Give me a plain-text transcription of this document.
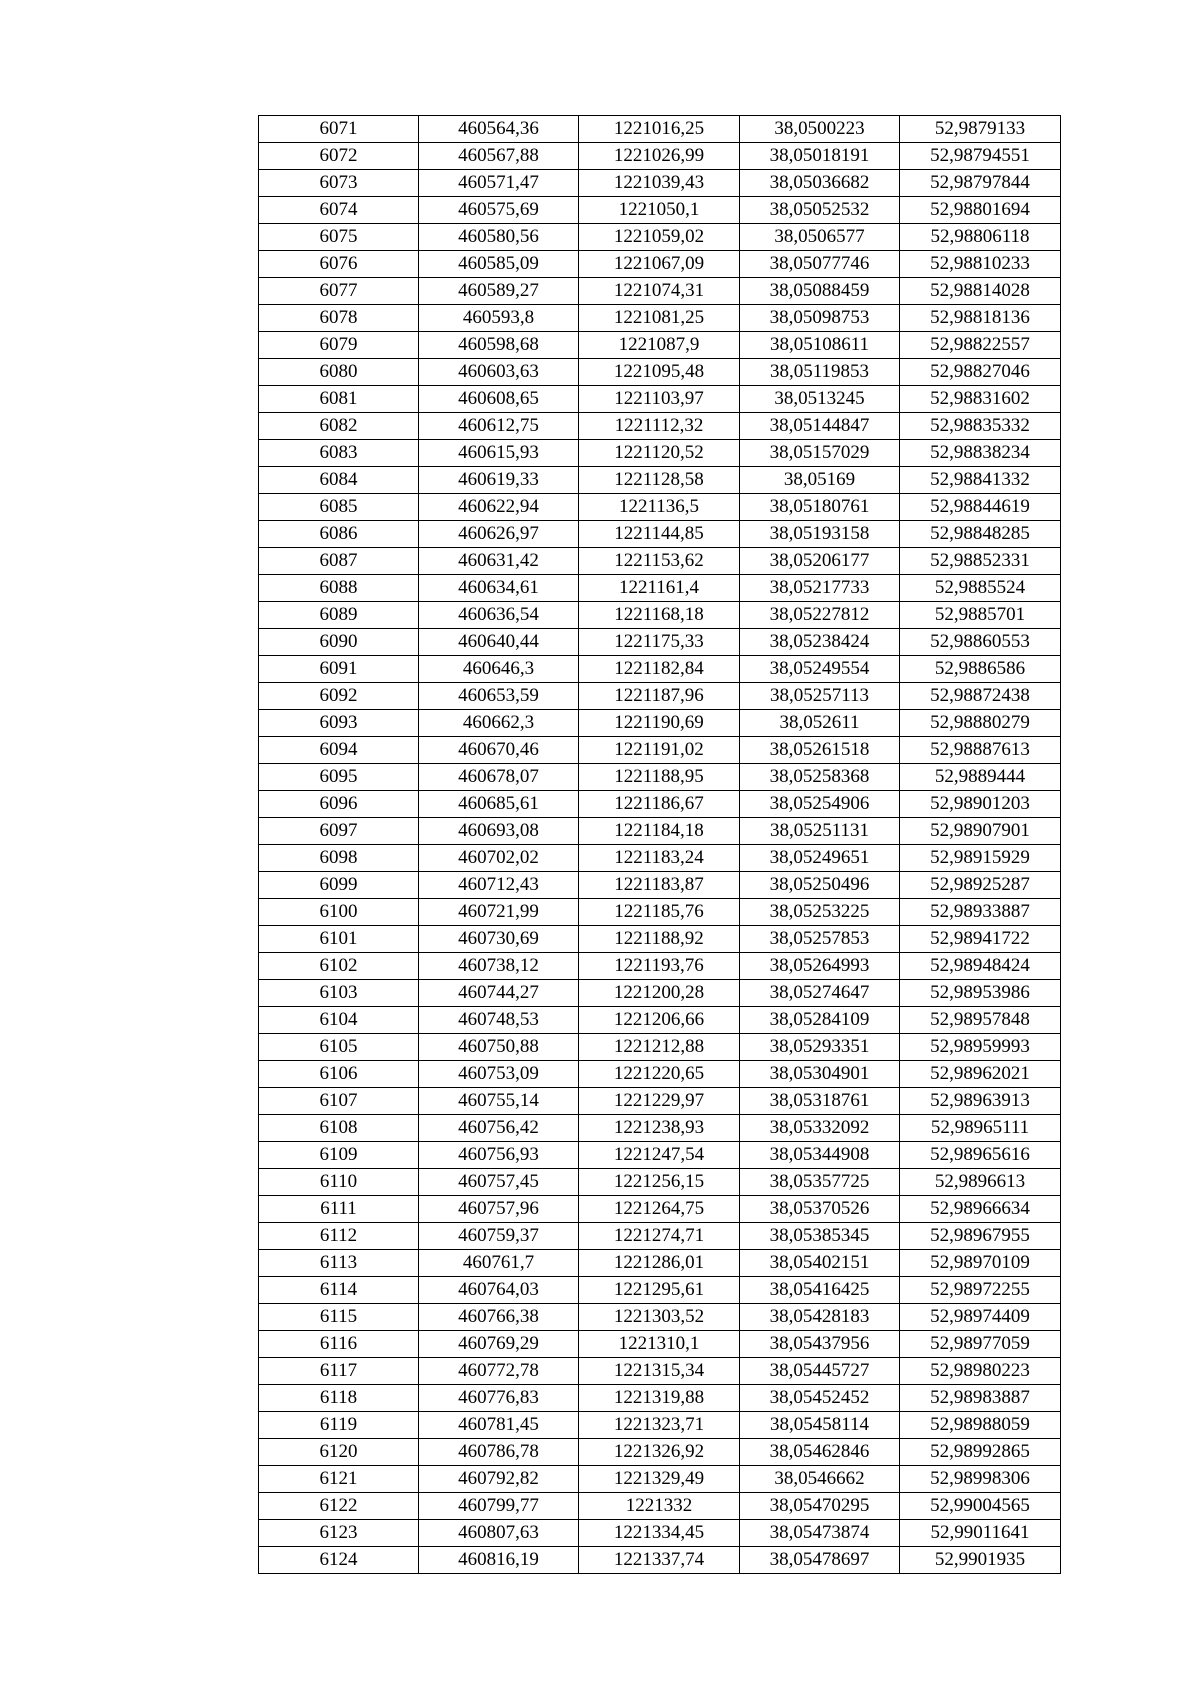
6071	460564,36	1221016,25	38,0500223	52,9879133
6072	460567,88	1221026,99	38,05018191	52,98794551
6073	460571,47	1221039,43	38,05036682	52,98797844
6074	460575,69	1221050,1	38,05052532	52,98801694
6075	460580,56	1221059,02	38,0506577	52,98806118
6076	460585,09	1221067,09	38,05077746	52,98810233
6077	460589,27	1221074,31	38,05088459	52,98814028
6078	460593,8	1221081,25	38,05098753	52,98818136
6079	460598,68	1221087,9	38,05108611	52,98822557
6080	460603,63	1221095,48	38,05119853	52,98827046
6081	460608,65	1221103,97	38,0513245	52,98831602
6082	460612,75	1221112,32	38,05144847	52,98835332
6083	460615,93	1221120,52	38,05157029	52,98838234
6084	460619,33	1221128,58	38,05169	52,98841332
6085	460622,94	1221136,5	38,05180761	52,98844619
6086	460626,97	1221144,85	38,05193158	52,98848285
6087	460631,42	1221153,62	38,05206177	52,98852331
6088	460634,61	1221161,4	38,05217733	52,9885524
6089	460636,54	1221168,18	38,05227812	52,9885701
6090	460640,44	1221175,33	38,05238424	52,98860553
6091	460646,3	1221182,84	38,05249554	52,9886586
6092	460653,59	1221187,96	38,05257113	52,98872438
6093	460662,3	1221190,69	38,052611	52,98880279
6094	460670,46	1221191,02	38,05261518	52,98887613
6095	460678,07	1221188,95	38,05258368	52,9889444
6096	460685,61	1221186,67	38,05254906	52,98901203
6097	460693,08	1221184,18	38,05251131	52,98907901
6098	460702,02	1221183,24	38,05249651	52,98915929
6099	460712,43	1221183,87	38,05250496	52,98925287
6100	460721,99	1221185,76	38,05253225	52,98933887
6101	460730,69	1221188,92	38,05257853	52,98941722
6102	460738,12	1221193,76	38,05264993	52,98948424
6103	460744,27	1221200,28	38,05274647	52,98953986
6104	460748,53	1221206,66	38,05284109	52,98957848
6105	460750,88	1221212,88	38,05293351	52,98959993
6106	460753,09	1221220,65	38,05304901	52,98962021
6107	460755,14	1221229,97	38,05318761	52,98963913
6108	460756,42	1221238,93	38,05332092	52,98965111
6109	460756,93	1221247,54	38,05344908	52,98965616
6110	460757,45	1221256,15	38,05357725	52,9896613
6111	460757,96	1221264,75	38,05370526	52,98966634
6112	460759,37	1221274,71	38,05385345	52,98967955
6113	460761,7	1221286,01	38,05402151	52,98970109
6114	460764,03	1221295,61	38,05416425	52,98972255
6115	460766,38	1221303,52	38,05428183	52,98974409
6116	460769,29	1221310,1	38,05437956	52,98977059
6117	460772,78	1221315,34	38,05445727	52,98980223
6118	460776,83	1221319,88	38,05452452	52,98983887
6119	460781,45	1221323,71	38,05458114	52,98988059
6120	460786,78	1221326,92	38,05462846	52,98992865
6121	460792,82	1221329,49	38,0546662	52,98998306
6122	460799,77	1221332	38,05470295	52,99004565
6123	460807,63	1221334,45	38,05473874	52,99011641
6124	460816,19	1221337,74	38,05478697	52,9901935
